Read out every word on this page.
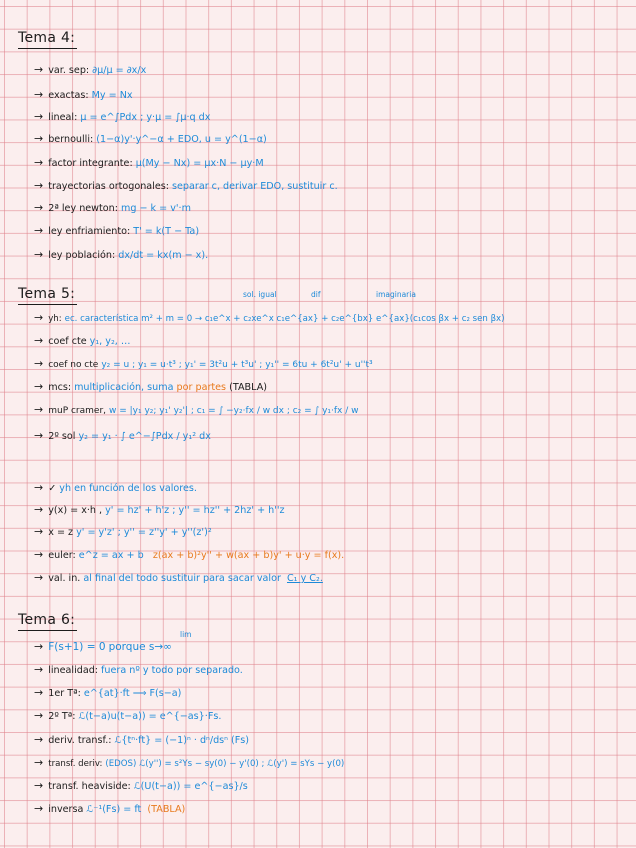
Tema 4:
→ var. sep: ∂μ/μ = ∂x/x
→ exactas: My = Nx
→ lineal: μ = e^∫Pdx ; y·μ = ∫μ·q dx
→ bernoulli: (1−α)y'·y^−α + EDO, u = y^(1−α)
→ factor integrante: μ(My − Nx) = μx·N − μy·M
→ trayectorias ortogonales: separar c, derivar EDO, sustituir c.
→ 2ª ley newton: mg − k = v'·m
→ ley enfriamiento: T' = k(T − Ta)
→ ley población: dx/dt = kx(m − x).
Tema 5:	sol. igual	dif	imaginaria
→ yh: ec. característica m² + m = 0 → c₁e^x + c₂xe^x c₁e^{ax} + c₂e^{bx} e^{ax}(c₁cos βx + c₂ sen βx)
→ coef cte y₁, y₂, …
→ coef no cte y₂ = u ; y₁ = u·t³ ; y₁' = 3t²u + t³u' ; y₁'' = 6tu + 6t²u' + u''t³
→ mcs: multiplicación, suma por partes (TABLA)
→ muP cramer, w = |y₁ y₂; y₁' y₂'| ; c₁ = ∫ −y₂·fx / w dx ; c₂ = ∫ y₁·fx / w
→ 2º sol y₂ = y₁ · ∫ e^−∫Pdx / y₁² dx
→ ✓ yh en función de los valores.
→ y(x) = x·h , y' = hz' + h'z ; y'' = hz'' + 2hz' + h''z
→ x = z y' = y'z' ; y'' = z''y' + y''(z')²
→ euler: e^z = ax + b z(ax + b)²y'' + w(ax + b)y' + u·y = f(x).
→ val. in. al final del todo sustituir para sacar valor C₁ y C₂.
Tema 6:
lim
→ F(s+1) = 0 porque s→∞
→ linealidad: fuera nº y todo por separado.
→ 1er Tª: e^{at}·ft ⟹ F(s−a)
→ 2º Tª: ℒ(t−a)u(t−a)) = e^{−as}·Fs.
→ deriv. transf.: ℒ{tⁿ·ft} = (−1)ⁿ · dⁿ/dsⁿ (Fs)
→ transf. deriv: (EDOS) ℒ(y'') = s²Ys − sy(0) − y'(0) ; ℒ(y') = sYs − y(0)
→ transf. heaviside: ℒ(U(t−a)) = e^{−as}/s
→ inversa ℒ⁻¹(Fs) = ft (TABLA)
